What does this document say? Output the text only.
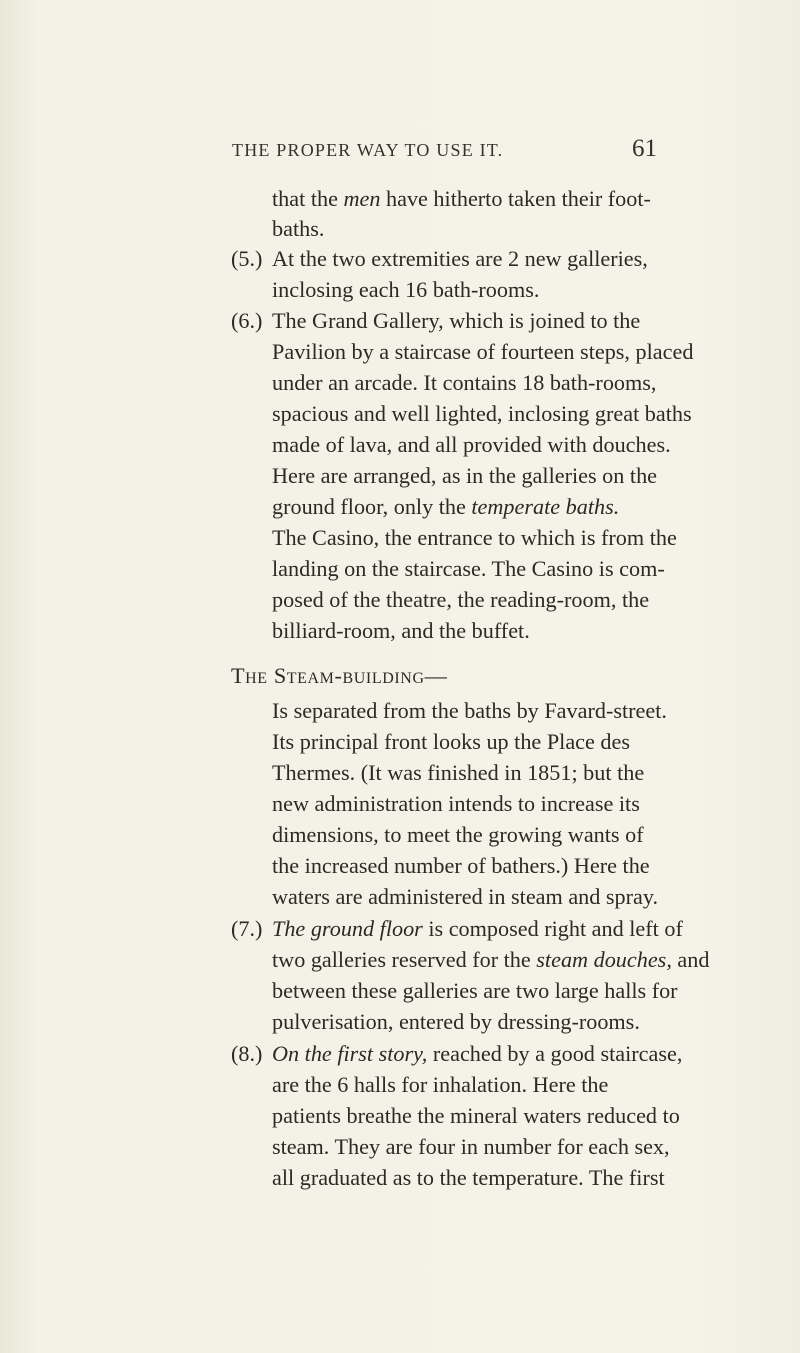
THE PROPER WAY TO USE IT.	61
that the men have hitherto taken their foot-
baths.
(5.) At the two extremities are 2 new galleries,
inclosing each 16 bath-rooms.
(6.) The Grand Gallery, which is joined to the
Pavilion by a staircase of fourteen steps, placed
under an arcade. It contains 18 bath-rooms,
spacious and well lighted, inclosing great baths
made of lava, and all provided with douches.
Here are arranged, as in the galleries on the
ground floor, only the temperate baths.
The Casino, the entrance to which is from the
landing on the staircase. The Casino is com-
posed of the theatre, the reading-room, the
billiard-room, and the buffet.
The Steam-building—
Is separated from the baths by Favard-street.
Its principal front looks up the Place des
Thermes. (It was finished in 1851; but the
new administration intends to increase its
dimensions, to meet the growing wants of
the increased number of bathers.) Here the
waters are administered in steam and spray.
(7.) The ground floor is composed right and left of
two galleries reserved for the steam douches, and
between these galleries are two large halls for
pulverisation, entered by dressing-rooms.
(8.) On the first story, reached by a good staircase,
are the 6 halls for inhalation. Here the
patients breathe the mineral waters reduced to
steam. They are four in number for each sex,
all graduated as to the temperature. The first
